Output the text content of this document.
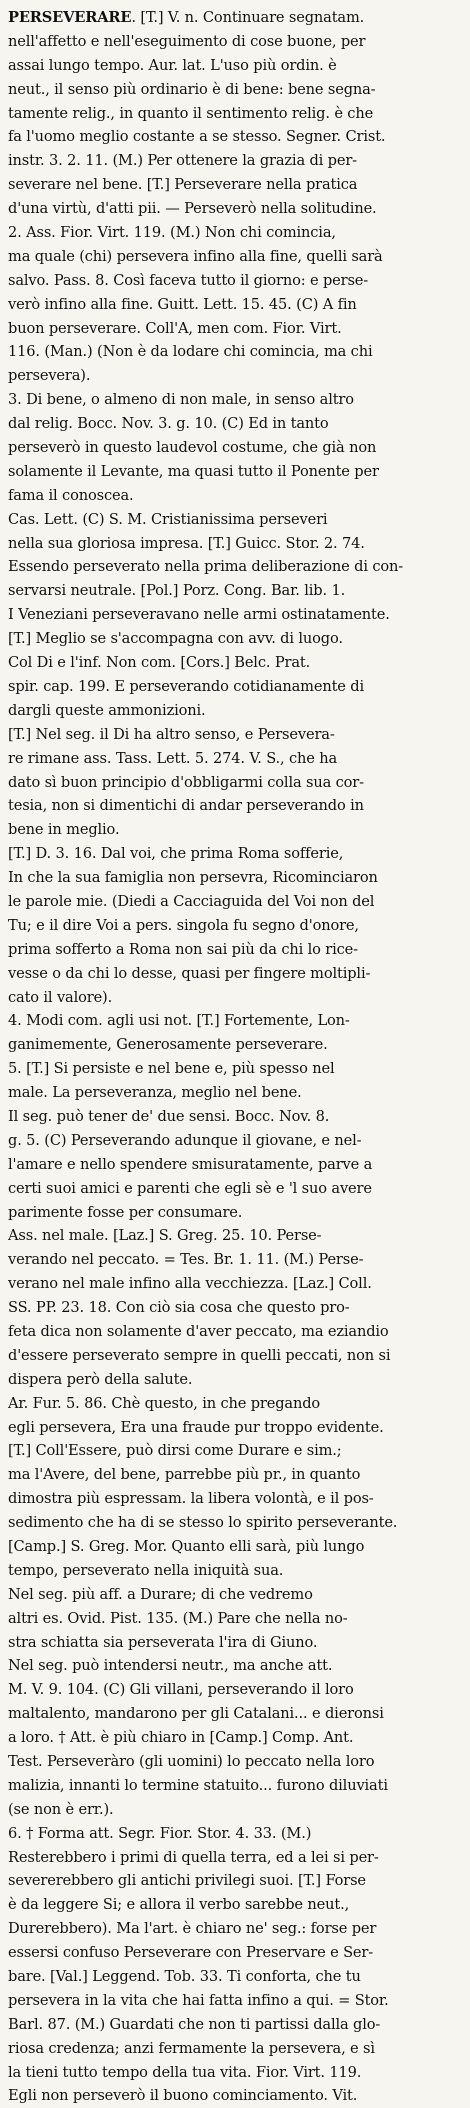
PERSEVERARE. [T.] V. n. Continuare segnatam.
nell'affetto e nell'eseguimento di cose buone, per
assai lungo tempo. Aur. lat. L'uso più ordin. è
neut., il senso più ordinario è di bene: bene segna-
tamente relig., in quanto il sentimento relig. è che
fa l'uomo meglio costante a se stesso. Segner. Crist.
instr. 3. 2. 11. (M.) Per ottenere la grazia di per-
severare nel bene. [T.] Perseverare nella pratica
d'una virtù, d'atti pii. — Perseverò nella solitudine.
2. Ass. Fior. Virt. 119. (M.) Non chi comincia,
ma quale (chi) persevera infino alla fine, quelli sarà
salvo. Pass. 8. Così faceva tutto il giorno: e perse-
verò infino alla fine. Guitt. Lett. 15. 45. (C) A fin
buon perseverare. Coll'A, men com. Fior. Virt.
116. (Man.) (Non è da lodare chi comincia, ma chi
persevera).
3. Di bene, o almeno di non male, in senso altro
dal relig. Bocc. Nov. 3. g. 10. (C) Ed in tanto
perseverò in questo laudevol costume, che già non
solamente il Levante, ma quasi tutto il Ponente per
fama il conoscea.
Cas. Lett. (C) S. M. Cristianissima perseveri
nella sua gloriosa impresa. [T.] Guicc. Stor. 2. 74.
Essendo perseverato nella prima deliberazione di con-
servarsi neutrale. [Pol.] Porz. Cong. Bar. lib. 1.
I Veneziani perseveravano nelle armi ostinatamente.
[T.] Meglio se s'accompagna con avv. di luogo.
Col Di e l'inf. Non com. [Cors.] Belc. Prat.
spir. cap. 199. E perseverando cotidianamente di
dargli queste ammonizioni.
[T.] Nel seg. il Di ha altro senso, e Persevera-
re rimane ass. Tass. Lett. 5. 274. V. S., che ha
dato sì buon principio d'obbligarmi colla sua cor-
tesia, non si dimentichi di andar perseverando in
bene in meglio.
[T.] D. 3. 16. Dal voi, che prima Roma sofferie,
In che la sua famiglia non persevra, Ricominciaron
le parole mie. (Diedi a Cacciaguida del Voi non del
Tu; e il dire Voi a pers. singola fu segno d'onore,
prima sofferto a Roma non sai più da chi lo rice-
vesse o da chi lo desse, quasi per fingere moltipli-
cato il valore).
4. Modi com. agli usi not. [T.] Fortemente, Lon-
ganimemente, Generosamente perseverare.
5. [T.] Si persiste e nel bene e, più spesso nel
male. La perseveranza, meglio nel bene.
Il seg. può tener de' due sensi. Bocc. Nov. 8.
g. 5. (C) Perseverando adunque il giovane, e nel-
l'amare e nello spendere smisuratamente, parve a
certi suoi amici e parenti che egli sè e 'l suo avere
parimente fosse per consumare.
Ass. nel male. [Laz.] S. Greg. 25. 10. Perse-
verando nel peccato. = Tes. Br. 1. 11. (M.) Perse-
verano nel male infino alla vecchiezza. [Laz.] Coll.
SS. PP. 23. 18. Con ciò sia cosa che questo pro-
feta dica non solamente d'aver peccato, ma eziandio
d'essere perseverato sempre in quelli peccati, non si
dispera però della salute.
Ar. Fur. 5. 86. Chè questo, in che pregando
egli persevera, Era una fraude pur troppo evidente.
[T.] Coll'Essere, può dirsi come Durare e sim.;
ma l'Avere, del bene, parrebbe più pr., in quanto
dimostra più espressam. la libera volontà, e il pos-
sedimento che ha di se stesso lo spirito perseverante.
[Camp.] S. Greg. Mor. Quanto elli sarà, più lungo
tempo, perseverato nella iniquità sua.
Nel seg. più aff. a Durare; di che vedremo
altri es. Ovid. Pist. 135. (M.) Pare che nella no-
stra schiatta sia perseverata l'ira di Giuno.
Nel seg. può intendersi neutr., ma anche att.
M. V. 9. 104. (C) Gli villani, perseverando il loro
maltalento, mandarono per gli Catalani... e dieronsi
a loro. † Att. è più chiaro in [Camp.] Comp. Ant.
Test. Perseveràro (gli uomini) lo peccato nella loro
malizia, innanti lo termine statuito... furono diluviati
(se non è err.).
6. † Forma att. Segr. Fior. Stor. 4. 33. (M.)
Resterebbero i primi di quella terra, ed a lei si per-
severerebbero gli antichi privilegi suoi. [T.] Forse
è da leggere Si; e allora il verbo sarebbe neut.,
Durerebbero). Ma l'art. è chiaro ne' seg.: forse per
essersi confuso Perseverare con Preservare e Ser-
bare. [Val.] Leggend. Tob. 33. Ti conforta, che tu
persevera in la vita che hai fatta infino a qui. = Stor.
Barl. 87. (M.) Guardati che non ti partissi dalla glo-
riosa credenza; anzi fermamente la persevera, e sì
la tieni tutto tempo della tua vita. Fior. Virt. 119.
Egli non perseverò il buono cominciamento. Vit.
